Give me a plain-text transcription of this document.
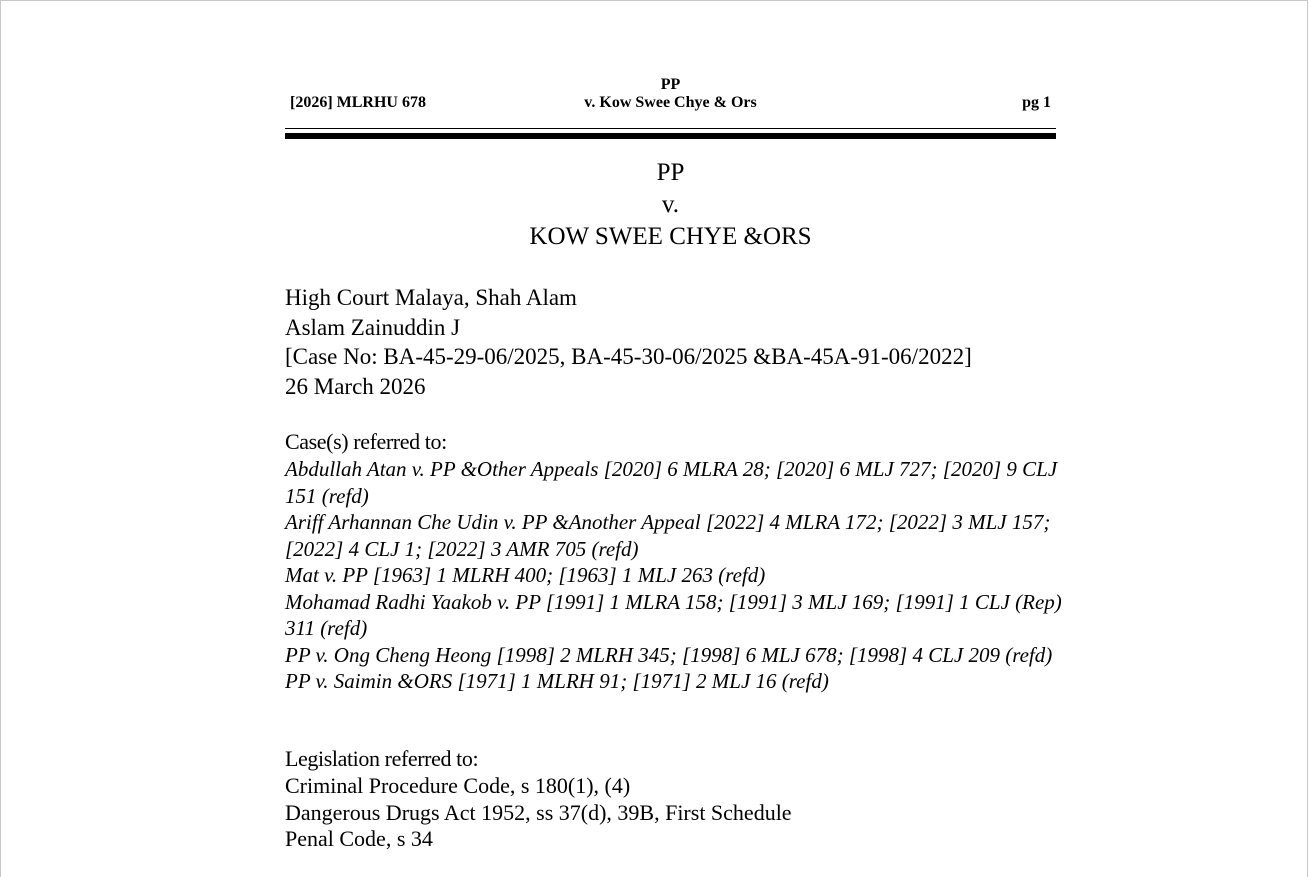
[2026] MLRHU 678
PP
v. Kow Swee Chye & Ors	pg 1
PP
v.
KOW SWEE CHYE &ORS
High Court Malaya, Shah Alam
Aslam Zainuddin J
[Case No: BA-45-29-06/2025, BA-45-30-06/2025 &BA-45A-91-06/2022]
26 March 2026
Case(s) referred to:
Abdullah Atan v. PP &Other Appeals [2020] 6 MLRA 28; [2020] 6 MLJ 727; [2020] 9 CLJ 151 (refd)
Ariff Arhannan Che Udin v. PP &Another Appeal [2022] 4 MLRA 172; [2022] 3 MLJ 157; [2022] 4 CLJ 1; [2022] 3 AMR 705 (refd)
Mat v. PP [1963] 1 MLRH 400; [1963] 1 MLJ 263 (refd)
Mohamad Radhi Yaakob v. PP [1991] 1 MLRA 158; [1991] 3 MLJ 169; [1991] 1 CLJ (Rep) 311 (refd)
PP v. Ong Cheng Heong [1998] 2 MLRH 345; [1998] 6 MLJ 678; [1998] 4 CLJ 209 (refd)
PP v. Saimin &ORS [1971] 1 MLRH 91; [1971] 2 MLJ 16 (refd)
Legislation referred to:
Criminal Procedure Code, s 180(1), (4)
Dangerous Drugs Act 1952, ss 37(d), 39B, First Schedule
Penal Code, s 34
